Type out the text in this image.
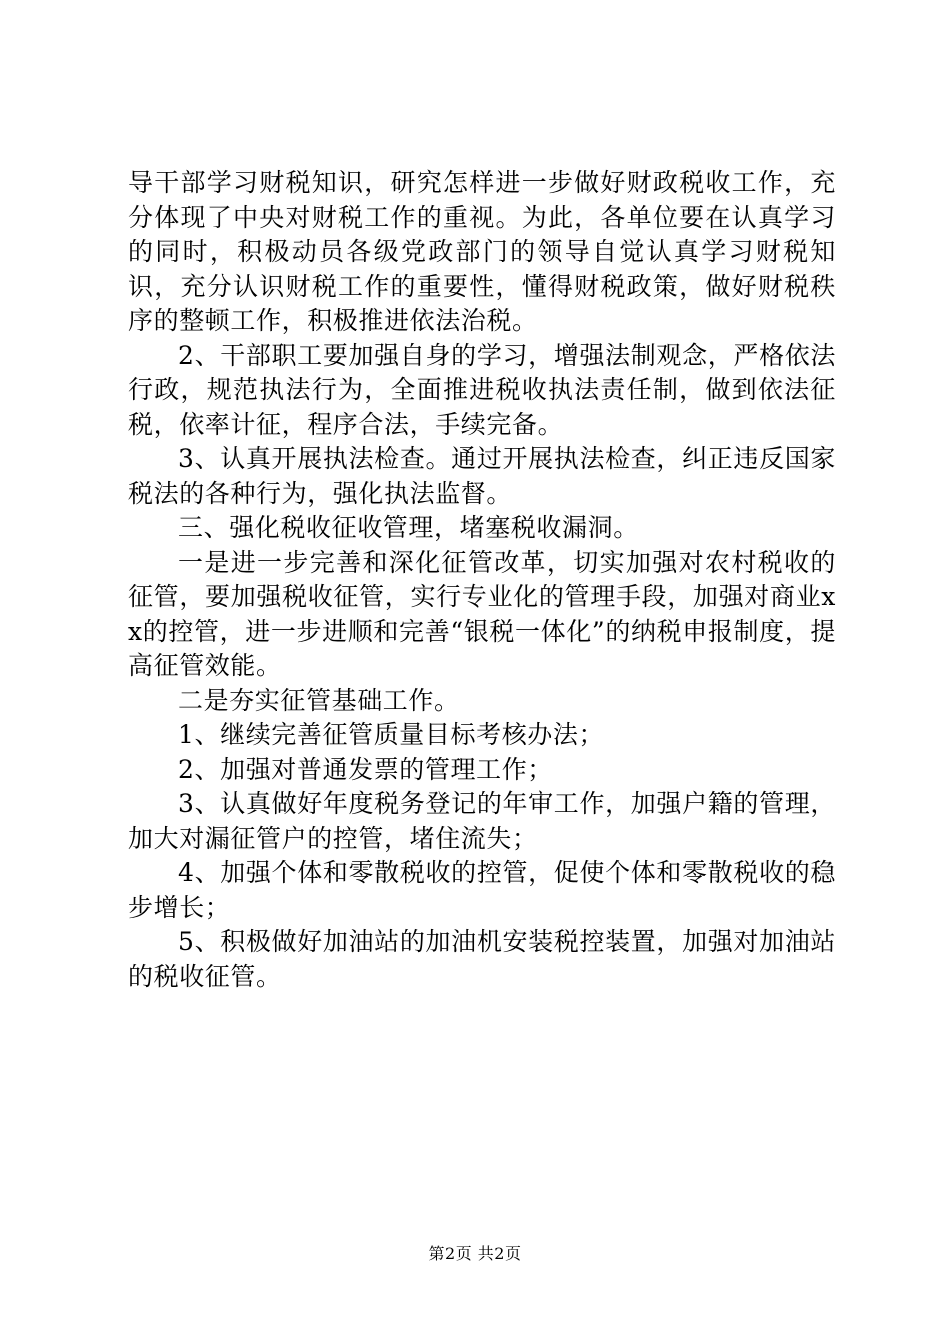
导干部学习财税知识，研究怎样进一步做好财政税收工作，充分体现了中央对财税工作的重视。为此，各单位要在认真学习的同时，积极动员各级党政部门的领导自觉认真学习财税知识，充分认识财税工作的重要性，懂得财税政策，做好财税秩序的整顿工作，积极推进依法治税。

2、干部职工要加强自身的学习，增强法制观念，严格依法行政，规范执法行为，全面推进税收执法责任制，做到依法征税，依率计征，程序合法，手续完备。

3、认真开展执法检查。通过开展执法检查，纠正违反国家税法的各种行为，强化执法监督。

三、强化税收征收管理，堵塞税收漏洞。

一是进一步完善和深化征管改革，切实加强对农村税收的征管，要加强税收征管，实行专业化的管理手段，加强对商业xx的控管，进一步进顺和完善“银税一体化”的纳税申报制度，提高征管效能。

二是夯实征管基础工作。

1、继续完善征管质量目标考核办法；

2、加强对普通发票的管理工作；

3、认真做好年度税务登记的年审工作，加强户籍的管理，加大对漏征管户的控管，堵住流失；

4、加强个体和零散税收的控管，促使个体和零散税收的稳步增长；

5、积极做好加油站的加油机安装税控装置，加强对加油站的税收征管。

第2页 共2页
